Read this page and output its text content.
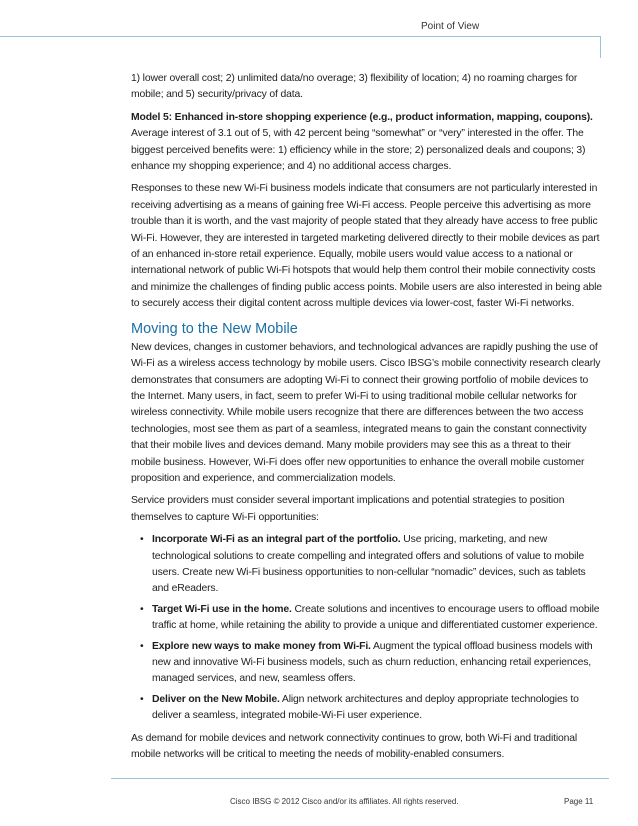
Point of View

1) lower overall cost; 2) unlimited data/no overage; 3) flexibility of location; 4) no roaming charges for mobile; and 5) security/privacy of data.

Model 5: Enhanced in-store shopping experience (e.g., product information, mapping, coupons). Average interest of 3.1 out of 5, with 42 percent being “somewhat” or “very” interested in the offer. The biggest perceived benefits were: 1) efficiency while in the store; 2) personalized deals and coupons; 3) enhance my shopping experience; and 4) no additional access charges.

Responses to these new Wi-Fi business models indicate that consumers are not particularly interested in receiving advertising as a means of gaining free Wi-Fi access. People perceive this advertising as more trouble than it is worth, and the vast majority of people stated that they already have access to free public Wi-Fi. However, they are interested in targeted marketing delivered directly to their mobile devices as part of an enhanced in-store retail experience. Equally, mobile users would value access to a national or international network of public Wi-Fi hotspots that would help them control their mobile connectivity costs and minimize the challenges of finding public access points. Mobile users are also interested in being able to securely access their digital content across multiple devices via lower-cost, faster Wi-Fi networks.

Moving to the New Mobile

New devices, changes in customer behaviors, and technological advances are rapidly pushing the use of Wi-Fi as a wireless access technology by mobile users. Cisco IBSG’s mobile connectivity research clearly demonstrates that consumers are adopting Wi-Fi to connect their growing portfolio of mobile devices to the Internet. Many users, in fact, seem to prefer Wi-Fi to using traditional mobile cellular networks for wireless connectivity. While mobile users recognize that there are differences between the two access technologies, most see them as part of a seamless, integrated means to gain the constant connectivity that their mobile lives and devices demand. Many mobile providers may see this as a threat to their mobile business. However, Wi-Fi does offer new opportunities to enhance the overall mobile customer proposition and experience, and commercialization models.

Service providers must consider several important implications and potential strategies to position themselves to capture Wi-Fi opportunities:

• Incorporate Wi-Fi as an integral part of the portfolio. Use pricing, marketing, and new technological solutions to create compelling and integrated offers and solutions of value to mobile users. Create new Wi-Fi business opportunities to non-cellular “nomadic” devices, such as tablets and eReaders.
• Target Wi-Fi use in the home. Create solutions and incentives to encourage users to offload mobile traffic at home, while retaining the ability to provide a unique and differentiated customer experience.
• Explore new ways to make money from Wi-Fi. Augment the typical offload business models with new and innovative Wi-Fi business models, such as churn reduction, enhancing retail experiences, managed services, and new, seamless offers.
• Deliver on the New Mobile. Align network architectures and deploy appropriate technologies to deliver a seamless, integrated mobile-Wi-Fi user experience.

As demand for mobile devices and network connectivity continues to grow, both Wi-Fi and traditional mobile networks will be critical to meeting the needs of mobility-enabled consumers.

Cisco IBSG © 2012 Cisco and/or its affiliates. All rights reserved.	Page 11
